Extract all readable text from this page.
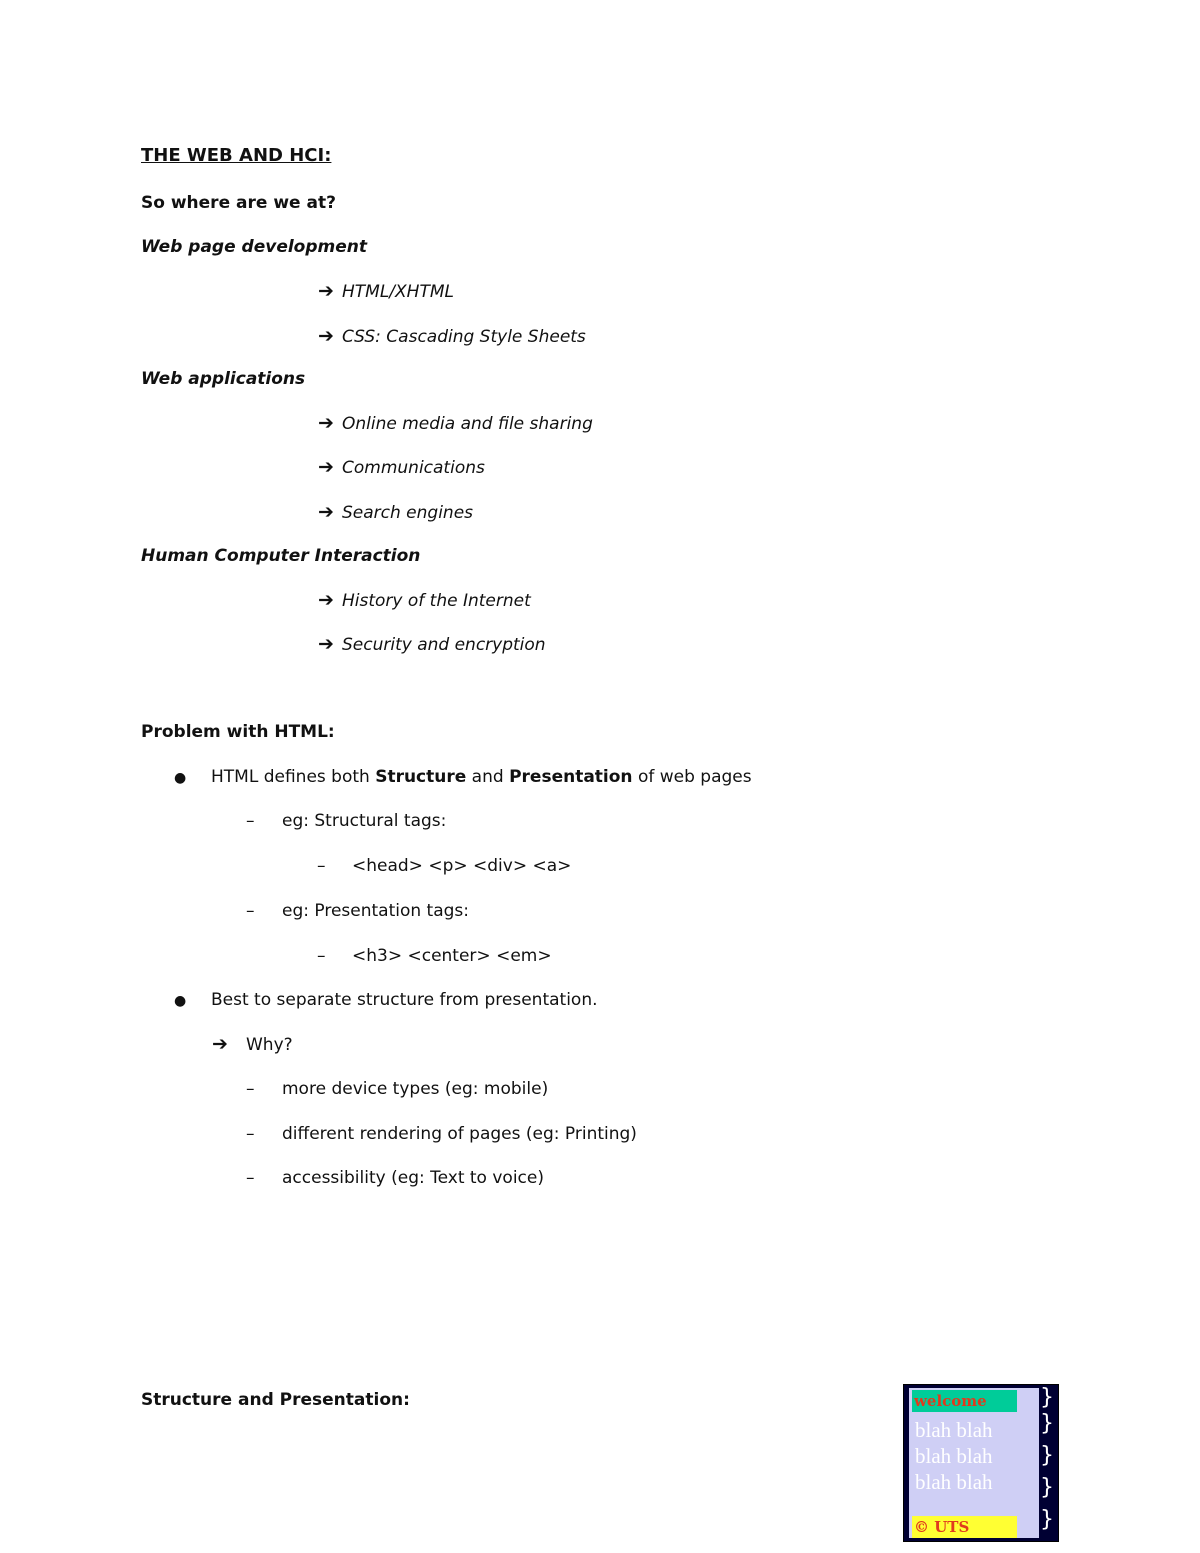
THE WEB AND HCI:
So where are we at?
Web page development
➔ HTML/XHTML
➔ CSS: Cascading Style Sheets
Web applications
➔ Online media and file sharing
➔ Communications
➔ Search engines
Human Computer Interaction
➔ History of the Internet
➔ Security and encryption
Problem with HTML:
● HTML defines both Structure and Presentation of web pages
– eg: Structural tags:
– <head> <p> <div> <a>
– eg: Presentation tags:
– <h3> <center> <em>
● Best to separate structure from presentation.
➔ Why?
– more device types (eg: mobile)
– different rendering of pages (eg: Printing)
– accessibility (eg: Text to voice)
Structure and Presentation:	welcome
blah blah
blah blah
blah blah
© UTS
}
}
}
}
}
